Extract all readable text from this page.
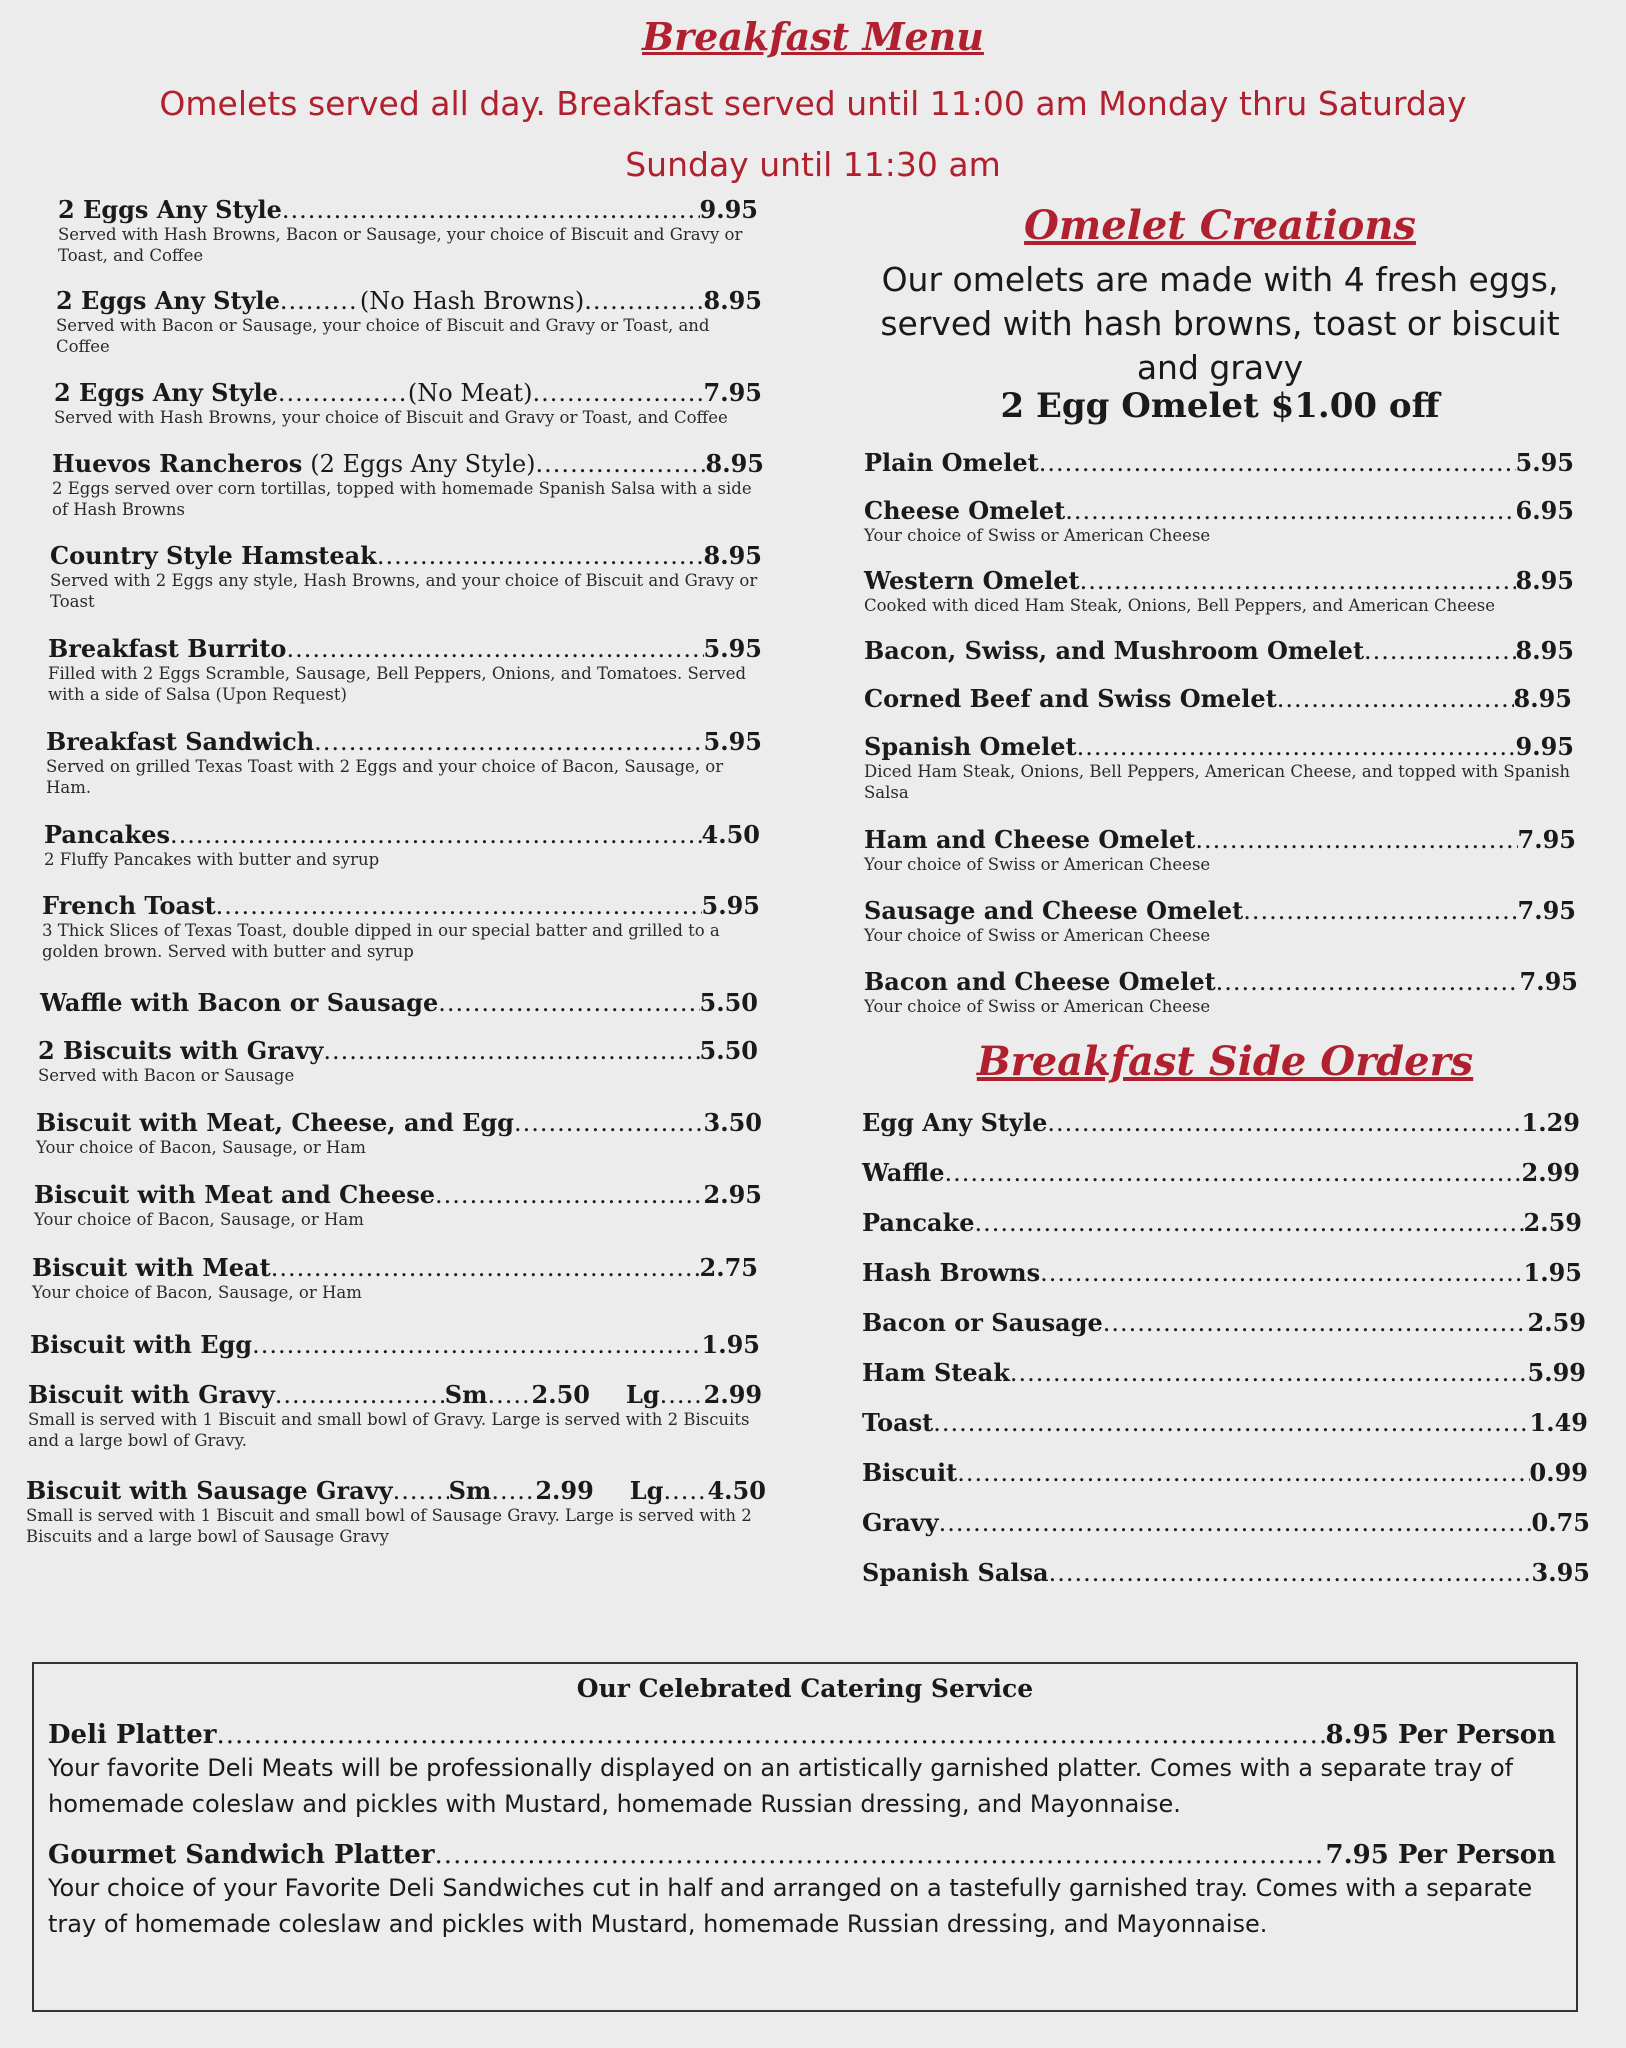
Breakfast Menu
Omelets served all day. Breakfast served until 11:00 am Monday thru Saturday
Sunday until 11:30 am
2 Eggs Any Style .....	9.95
Served with Hash Browns, Bacon or Sausage, your choice of Biscuit and Gravy or Toast, and Coffee
2 Eggs Any Style .....	(No Hash Browns) .....	8.95
Served with Bacon or Sausage, your choice of Biscuit and Gravy or Toast, and Coffee
2 Eggs Any Style .....	(No Meat) .....	7.95
Served with Hash Browns, your choice of Biscuit and Gravy or Toast, and Coffee
Huevos Rancheros (2 Eggs Any Style) .....	8.95
2 Eggs served over corn tortillas, topped with homemade Spanish Salsa with a side of Hash Browns
Country Style Hamsteak .....	8.95
Served with 2 Eggs any style, Hash Browns, and your choice of Biscuit and Gravy or Toast
Breakfast Burrito .....	5.95
Filled with 2 Eggs Scramble, Sausage, Bell Peppers, Onions, and Tomatoes. Served with a side of Salsa (Upon Request)
Breakfast Sandwich .....	5.95
Served on grilled Texas Toast with 2 Eggs and your choice of Bacon, Sausage, or Ham.
Pancakes .....	4.50
2 Fluffy Pancakes with butter and syrup
French Toast .....	5.95
3 Thick Slices of Texas Toast, double dipped in our special batter and grilled to a golden brown. Served with butter and syrup
Waffle with Bacon or Sausage .....	5.50
2 Biscuits with Gravy .....	5.50
Served with Bacon or Sausage
Biscuit with Meat, Cheese, and Egg .....	3.50
Your choice of Bacon, Sausage, or Ham
Biscuit with Meat and Cheese .....	2.95
Your choice of Bacon, Sausage, or Ham
Biscuit with Meat .....	2.75
Your choice of Bacon, Sausage, or Ham
Biscuit with Egg .....	1.95
Biscuit with Gravy .....	Sm ..... 2.50 Lg ..... 2.99
Small is served with 1 Biscuit and small bowl of Gravy. Large is served with 2 Biscuits and a large bowl of Gravy.
Biscuit with Sausage Gravy ..... Sm ..... 2.99 Lg ..... 4.50
Small is served with 1 Biscuit and small bowl of Sausage Gravy. Large is served with 2 Biscuits and a large bowl of Sausage Gravy
Omelet Creations
Our omelets are made with 4 fresh eggs, served with hash browns, toast or biscuit and gravy
2 Egg Omelet $1.00 off
Plain Omelet .....	5.95
Cheese Omelet .....	6.95
Your choice of Swiss or American Cheese
Western Omelet .....	8.95
Cooked with diced Ham Steak, Onions, Bell Peppers, and American Cheese
Bacon, Swiss, and Mushroom Omelet .....	8.95
Corned Beef and Swiss Omelet .....	8.95
Spanish Omelet .....	9.95
Diced Ham Steak, Onions, Bell Peppers, American Cheese, and topped with Spanish Salsa
Ham and Cheese Omelet .....	7.95
Your choice of Swiss or American Cheese
Sausage and Cheese Omelet .....	7.95
Your choice of Swiss or American Cheese
Bacon and Cheese Omelet .....	7.95
Your choice of Swiss or American Cheese
Breakfast Side Orders
Egg Any Style .....	1.29
Waffle .....	2.99
Pancake .....	2.59
Hash Browns .....	1.95
Bacon or Sausage .....	2.59
Ham Steak .....	5.99
Toast .....	1.49
Biscuit .....	0.99
Gravy .....	0.75
Spanish Salsa .....	3.95
Our Celebrated Catering Service
Deli Platter .....	8.95 Per Person
Your favorite Deli Meats will be professionally displayed on an artistically garnished platter. Comes with a separate tray of homemade coleslaw and pickles with Mustard, homemade Russian dressing, and Mayonnaise.
Gourmet Sandwich Platter .....	7.95 Per Person
Your choice of your Favorite Deli Sandwiches cut in half and arranged on a tastefully garnished tray. Comes with a separate tray of homemade coleslaw and pickles with Mustard, homemade Russian dressing, and Mayonnaise.
